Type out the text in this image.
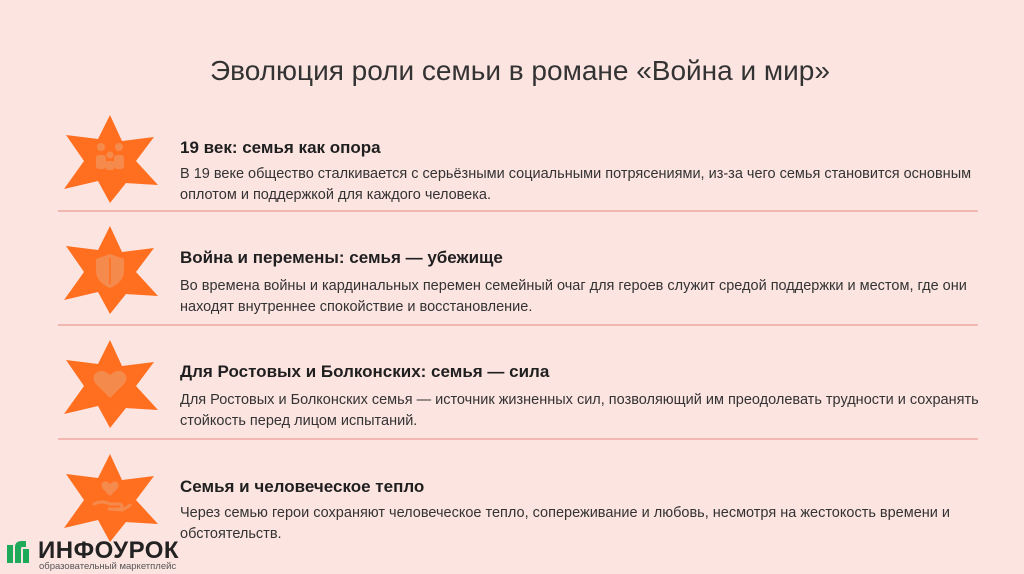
Эволюция роли семьи в романе «Война и мир»
19 век: семья как опора
В 19 веке общество сталкивается с серьёзными социальными потрясениями, из-за чего семья становится основным оплотом и поддержкой для каждого человека.
Война и перемены: семья — убежище
Во времена войны и кардинальных перемен семейный очаг для героев служит средой поддержки и местом, где они находят внутреннее спокойствие и восстановление.
Для Ростовых и Болконских: семья — сила
Для Ростовых и Болконских семья — источник жизненных сил, позволяющий им преодолевать трудности и сохранять стойкость перед лицом испытаний.
Семья и человеческое тепло
Через семью герои сохраняют человеческое тепло, сопереживание и любовь, несмотря на жестокость времени и обстоятельств.
ИНФОУРОК
образовательный маркетплейс
